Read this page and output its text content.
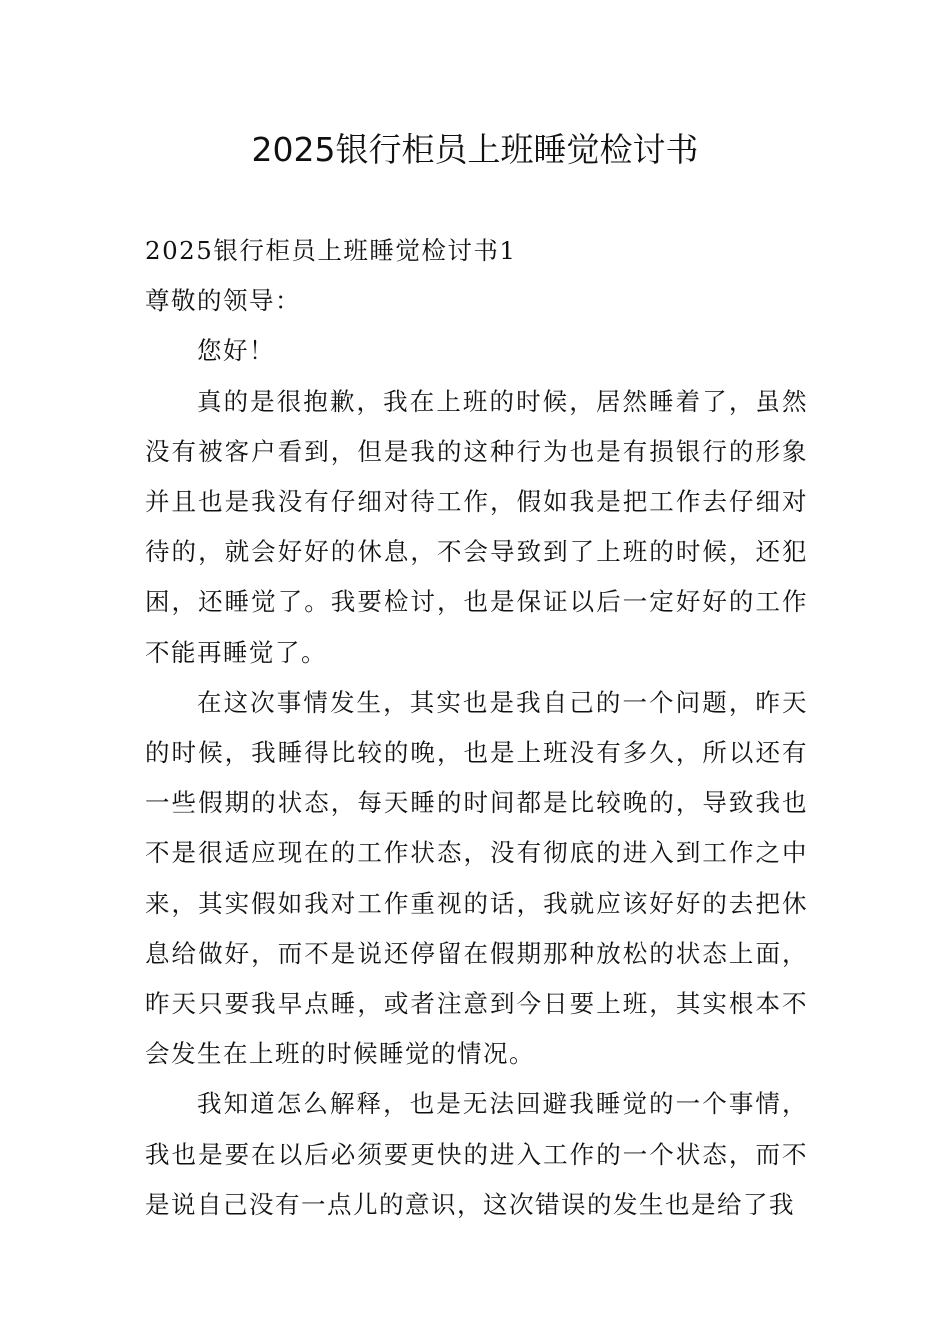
2025银行柜员上班睡觉检讨书

2025银行柜员上班睡觉检讨书1

尊敬的领导：

您好！

真的是很抱歉，我在上班的时候，居然睡着了，虽然没有被客户看到，但是我的这种行为也是有损银行的形象并且也是我没有仔细对待工作，假如我是把工作去仔细对待的，就会好好的休息，不会导致到了上班的时候，还犯困，还睡觉了。我要检讨，也是保证以后一定好好的工作不能再睡觉了。

在这次事情发生，其实也是我自己的一个问题，昨天的时候，我睡得比较的晚，也是上班没有多久，所以还有一些假期的状态，每天睡的时间都是比较晚的，导致我也不是很适应现在的工作状态，没有彻底的进入到工作之中来，其实假如我对工作重视的话，我就应该好好的去把休息给做好，而不是说还停留在假期那种放松的状态上面，昨天只要我早点睡，或者注意到今日要上班，其实根本不会发生在上班的时候睡觉的情况。

我知道怎么解释，也是无法回避我睡觉的一个事情，我也是要在以后必须要更快的进入工作的一个状态，而不是说自己没有一点儿的意识，这次错误的发生也是给了我
